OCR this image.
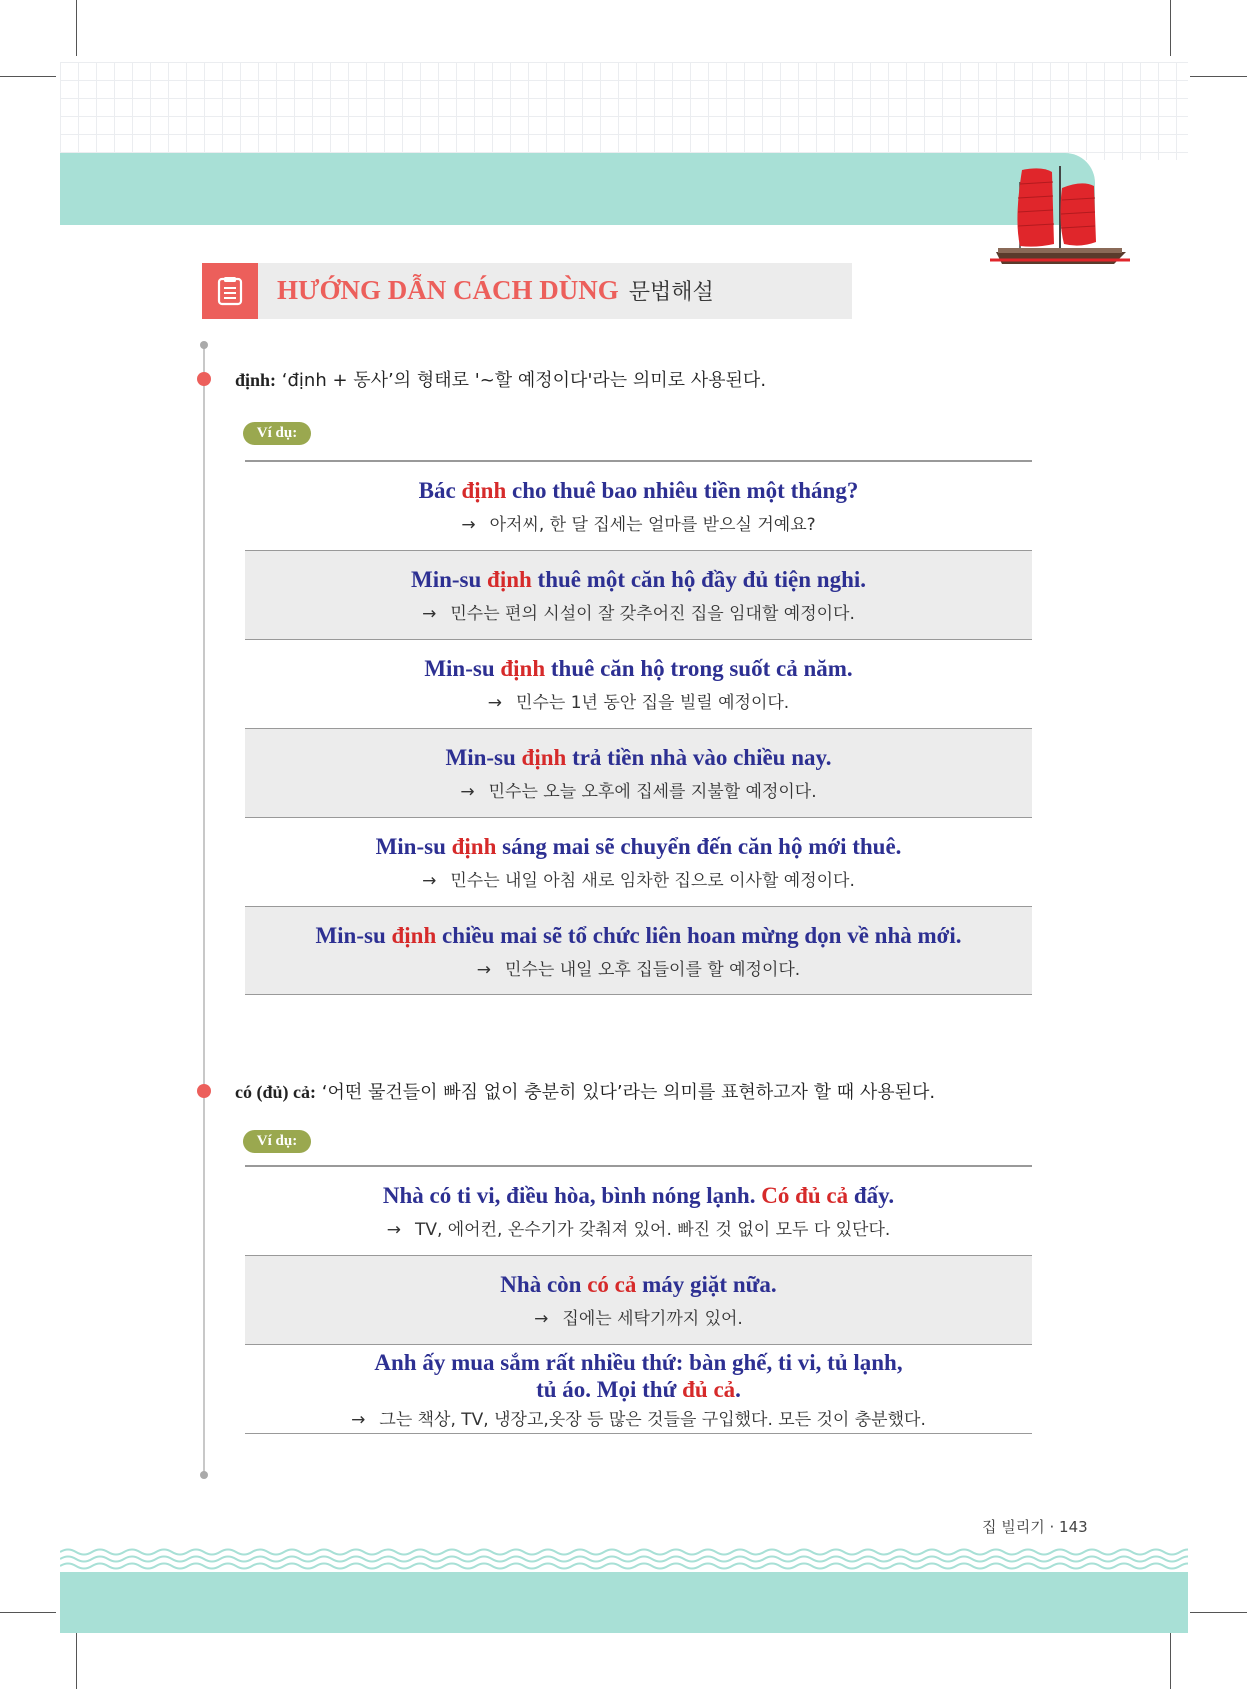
HƯỚNG DẪN CÁCH DÙNG 문법해설
định: ‘định + 동사’의 형태로 '~할 예정이다'라는 의미로 사용된다.
Ví dụ:
Bác định cho thuê bao nhiêu tiền một tháng?
→ 아저씨, 한 달 집세는 얼마를 받으실 거예요?
Min-su định thuê một căn hộ đầy đủ tiện nghi.
→ 민수는 편의 시설이 잘 갖추어진 집을 임대할 예정이다.
Min-su định thuê căn hộ trong suốt cả năm.
→ 민수는 1년 동안 집을 빌릴 예정이다.
Min-su định trả tiền nhà vào chiều nay.
→ 민수는 오늘 오후에 집세를 지불할 예정이다.
Min-su định sáng mai sẽ chuyển đến căn hộ mới thuê.
→ 민수는 내일 아침 새로 임차한 집으로 이사할 예정이다.
Min-su định chiều mai sẽ tổ chức liên hoan mừng dọn về nhà mới.
→ 민수는 내일 오후 집들이를 할 예정이다.
có (đủ) cả: ‘어떤 물건들이 빠짐 없이 충분히 있다’라는 의미를 표현하고자 할 때 사용된다.
Ví dụ:
Nhà có ti vi, điều hòa, bình nóng lạnh. Có đủ cả đấy.
→ TV, 에어컨, 온수기가 갖춰져 있어. 빠진 것 없이 모두 다 있단다.
Nhà còn có cả máy giặt nữa.
→ 집에는 세탁기까지 있어.
Anh ấy mua sắm rất nhiều thứ: bàn ghế, ti vi, tủ lạnh,
tủ áo. Mọi thứ đủ cả.
→ 그는 책상, TV, 냉장고,옷장 등 많은 것들을 구입했다. 모든 것이 충분했다.
집 빌리기 · 143
